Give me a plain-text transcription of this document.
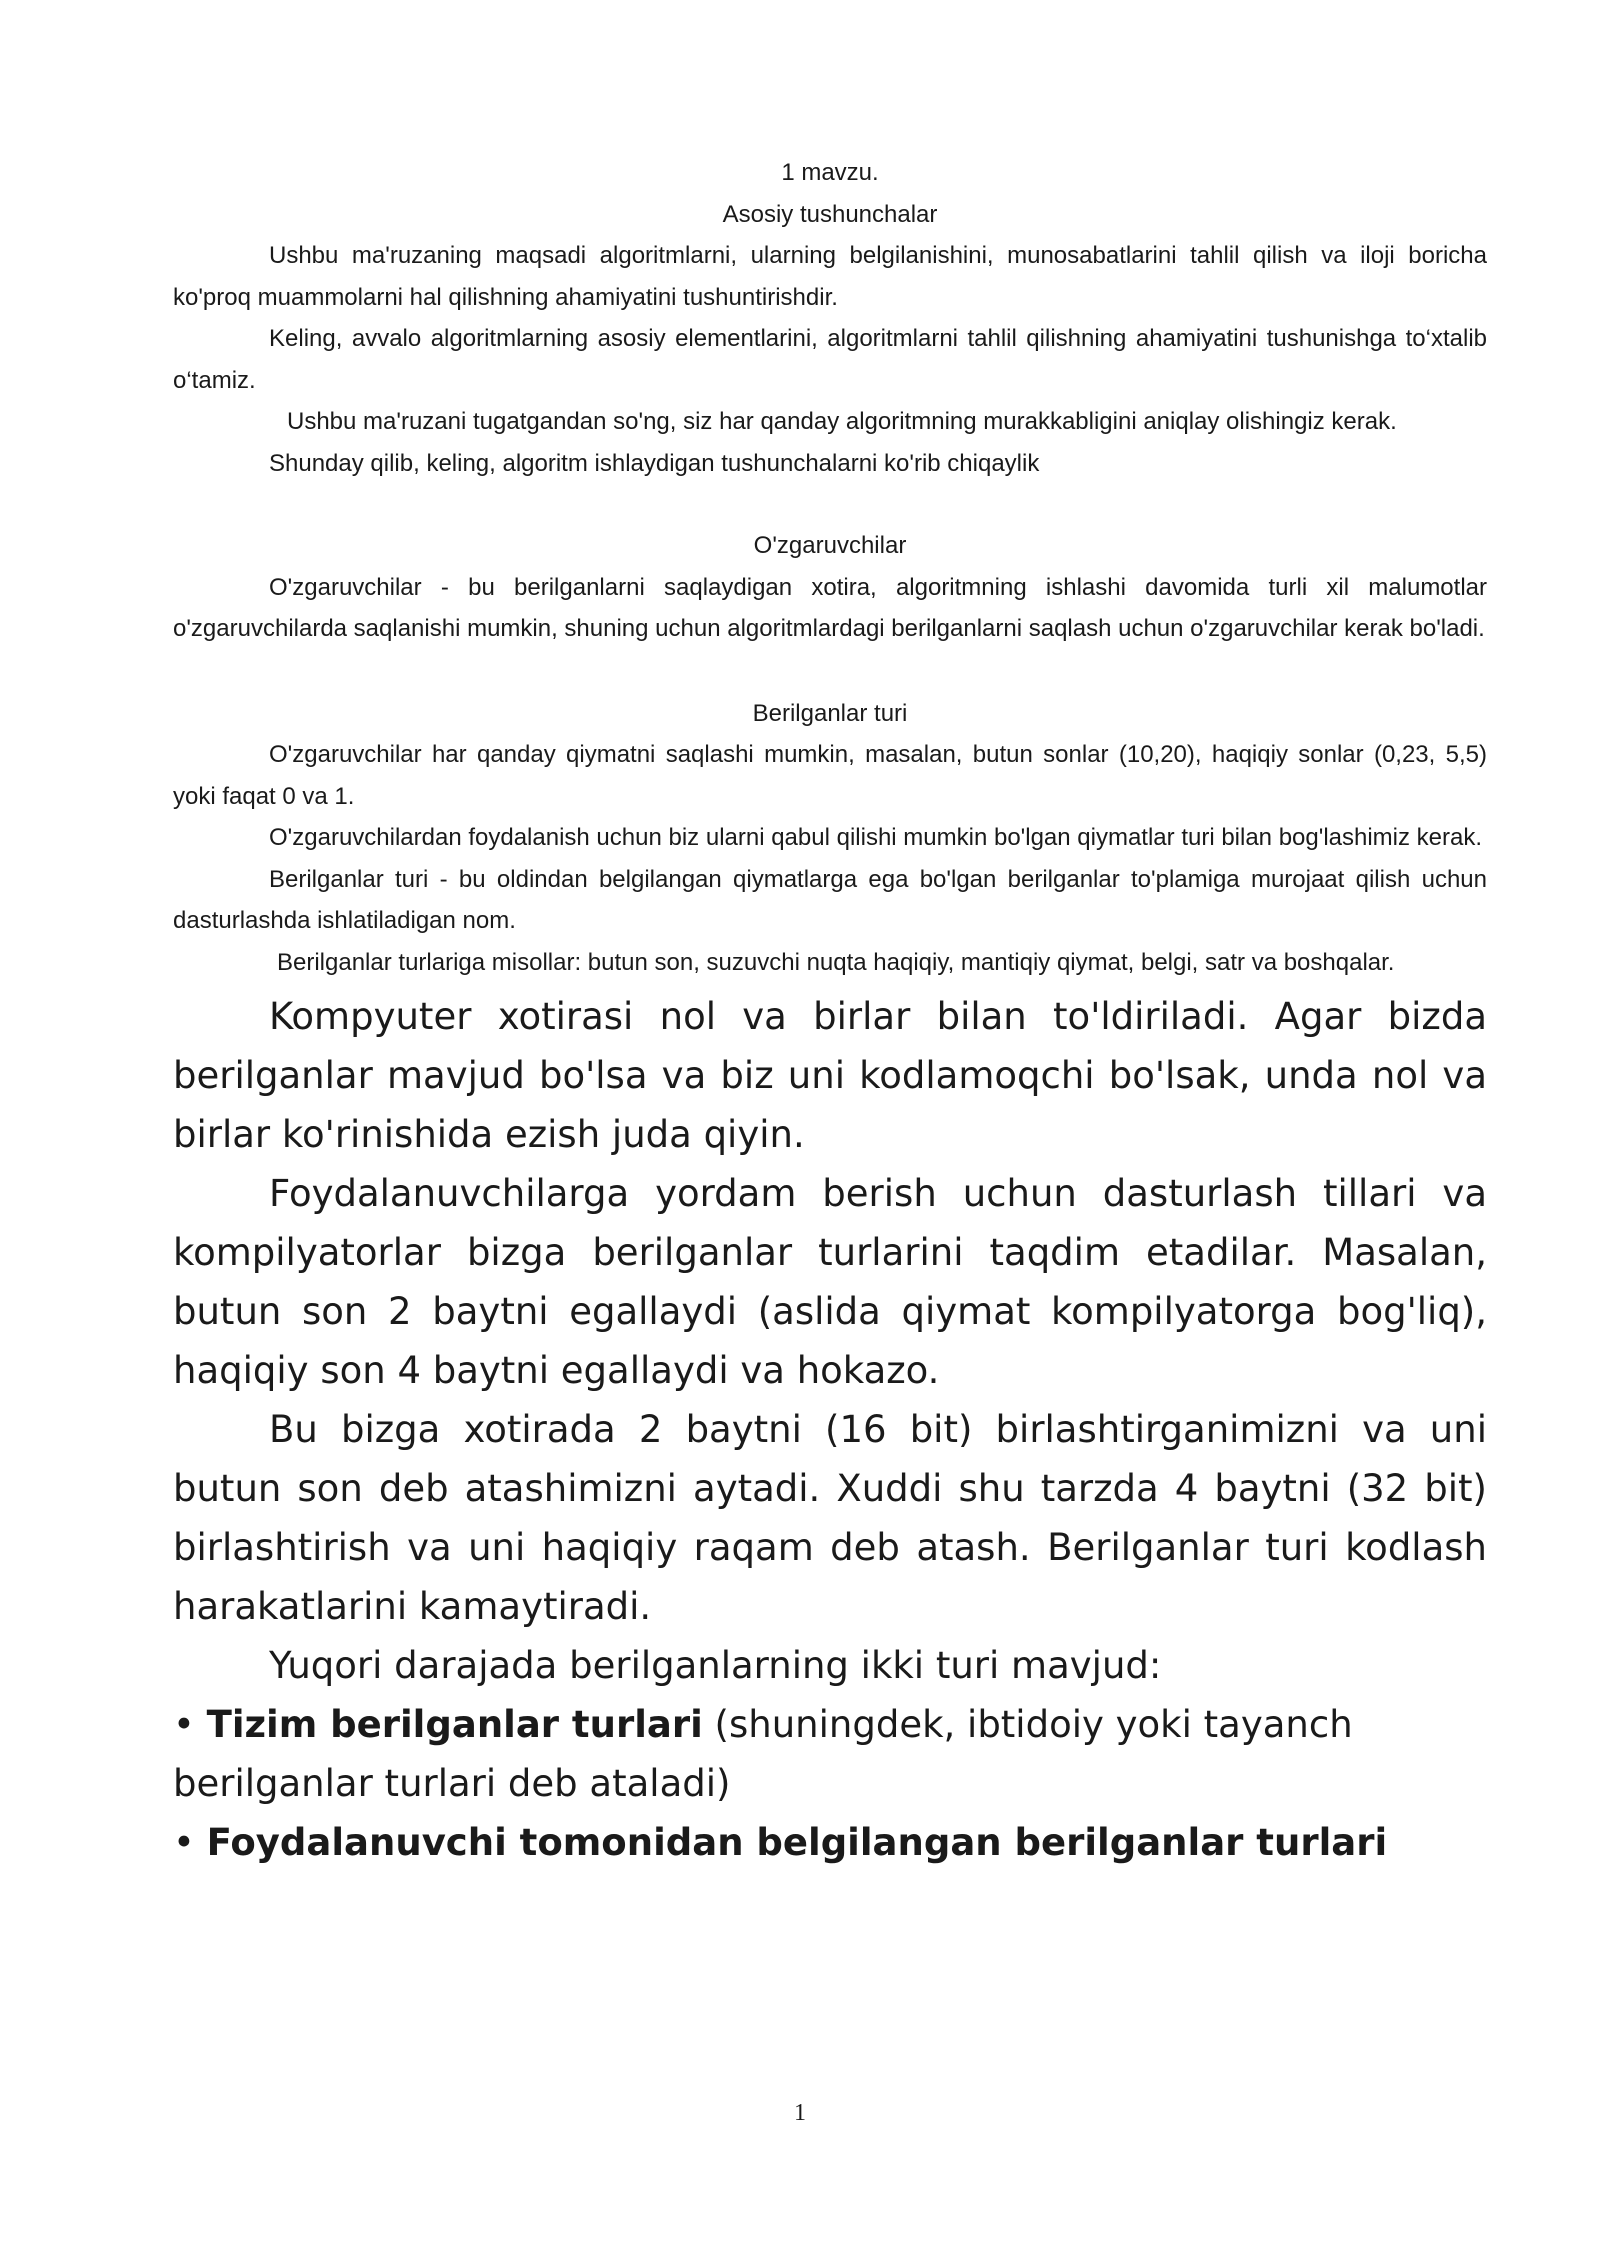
1 mavzu.
Asosiy tushunchalar

Ushbu ma'ruzaning maqsadi algoritmlarni, ularning belgilanishini, munosabatlarini tahlil qilish va iloji boricha ko'proq muammolarni hal qilishning ahamiyatini tushuntirishdir.

Keling, avvalo algoritmlarning asosiy elementlarini, algoritmlarni tahlil qilishning ahamiyatini tushunishga to‘xtalib o‘tamiz.

Ushbu ma'ruzani tugatgandan so'ng, siz har qanday algoritmning murakkabligini aniqlay olishingiz kerak.

Shunday qilib, keling, algoritm ishlaydigan tushunchalarni ko'rib chiqaylik

O'zgaruvchilar

O'zgaruvchilar - bu berilganlarni saqlaydigan xotira, algoritmning ishlashi davomida turli xil malumotlar o'zgaruvchilarda saqlanishi mumkin, shuning uchun algoritmlardagi berilganlarni saqlash uchun o'zgaruvchilar kerak bo'ladi.

Berilganlar turi

O'zgaruvchilar har qanday qiymatni saqlashi mumkin, masalan, butun sonlar (10,20), haqiqiy sonlar (0,23, 5,5) yoki faqat 0 va 1.

O'zgaruvchilardan foydalanish uchun biz ularni qabul qilishi mumkin bo'lgan qiymatlar turi bilan bog'lashimiz kerak.

Berilganlar turi - bu oldindan belgilangan qiymatlarga ega bo'lgan berilganlar to'plamiga murojaat qilish uchun dasturlashda ishlatiladigan nom.

Berilganlar turlariga misollar: butun son, suzuvchi nuqta haqiqiy, mantiqiy qiymat, belgi, satr va boshqalar.

Kompyuter xotirasi nol va birlar bilan to'ldiriladi. Agar bizda berilganlar mavjud bo'lsa va biz uni kodlamoqchi bo'lsak, unda nol va birlar ko'rinishida ezish juda qiyin.

Foydalanuvchilarga yordam berish uchun dasturlash tillari va kompilyatorlar bizga berilganlar turlarini taqdim etadilar. Masalan, butun son 2 baytni egallaydi (aslida qiymat kompilyatorga bog'liq), haqiqiy son 4 baytni egallaydi va hokazo.

Bu bizga xotirada 2 baytni (16 bit) birlashtirganimizni va uni butun son deb atashimizni aytadi. Xuddi shu tarzda 4 baytni (32 bit) birlashtirish va uni haqiqiy raqam deb atash. Berilganlar turi kodlash harakatlarini kamaytiradi.

Yuqori darajada berilganlarning ikki turi mavjud:

• Tizim berilganlar turlari (shuningdek, ibtidoiy yoki tayanch berilganlar turlari deb ataladi)

• Foydalanuvchi tomonidan belgilangan berilganlar turlari

1
